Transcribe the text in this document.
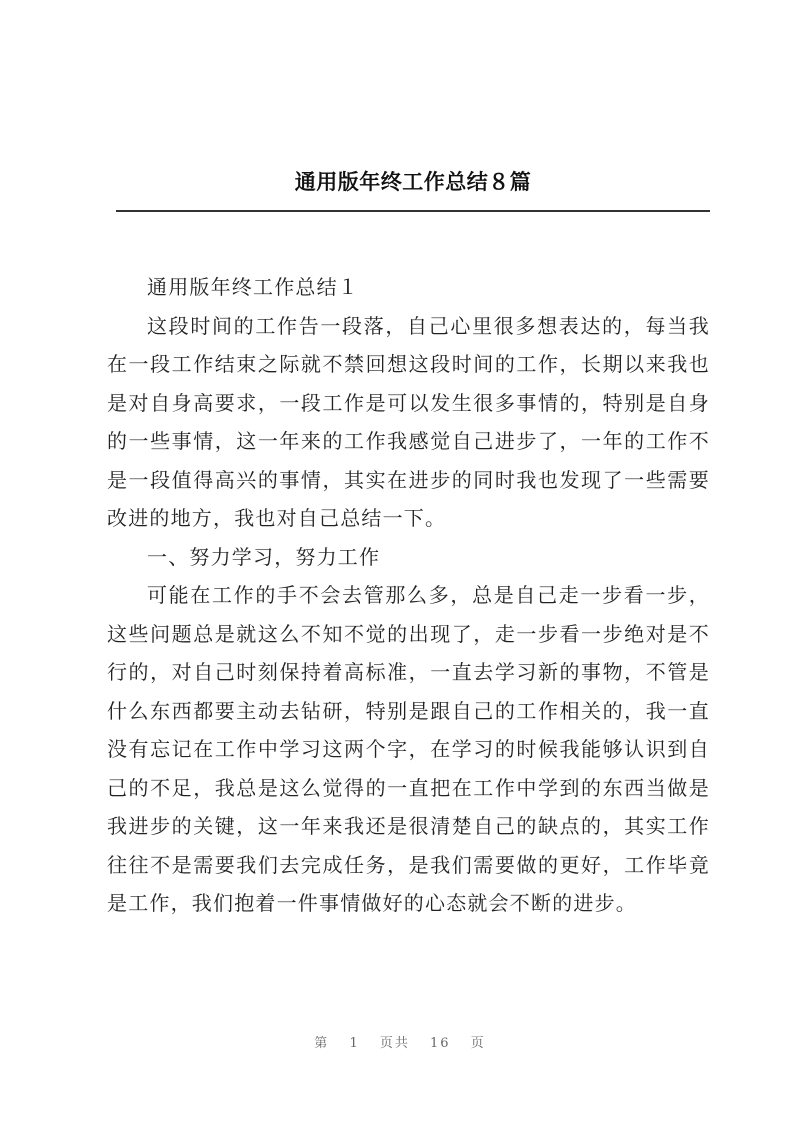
通用版年终工作总结８篇

通用版年终工作总结１

这段时间的工作告一段落，自己心里很多想表达的，每当我在一段工作结束之际就不禁回想这段时间的工作，长期以来我也是对自身高要求，一段工作是可以发生很多事情的，特别是自身的一些事情，这一年来的工作我感觉自己进步了，一年的工作不是一段值得高兴的事情，其实在进步的同时我也发现了一些需要改进的地方，我也对自己总结一下。

一、努力学习，努力工作

可能在工作的手不会去管那么多，总是自己走一步看一步，这些问题总是就这么不知不觉的出现了，走一步看一步绝对是不行的，对自己时刻保持着高标准，一直去学习新的事物，不管是什么东西都要主动去钻研，特别是跟自己的工作相关的，我一直没有忘记在工作中学习这两个字，在学习的时候我能够认识到自己的不足，我总是这么觉得的一直把在工作中学到的东西当做是我进步的关键，这一年来我还是很清楚自己的缺点的，其实工作往往不是需要我们去完成任务，是我们需要做的更好，工作毕竟是工作，我们抱着一件事情做好的心态就会不断的进步。

第 1 页共 16 页
